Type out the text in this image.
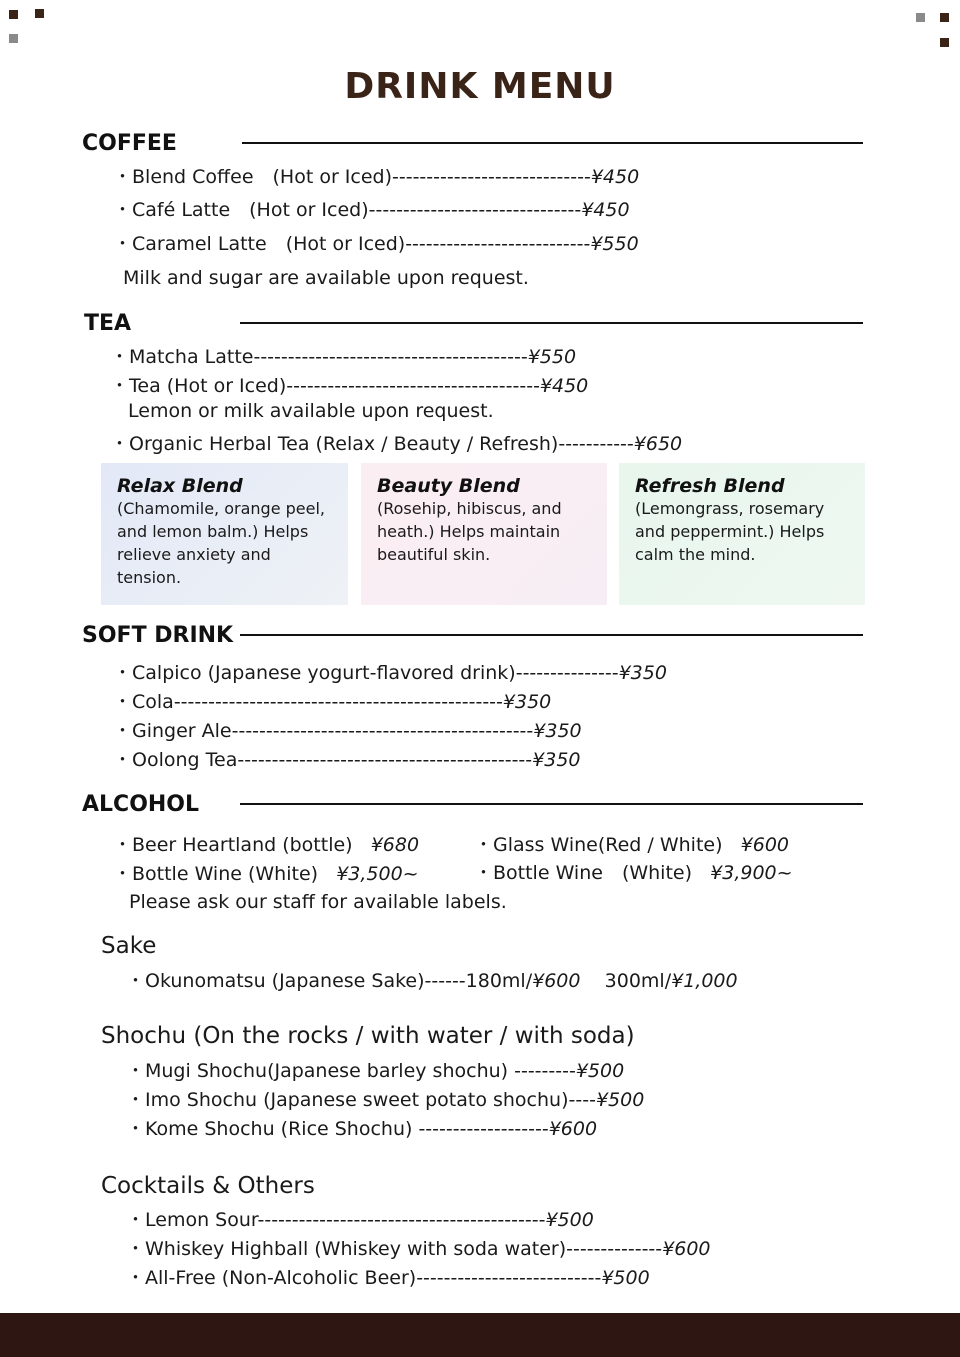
DRINK MENU
COFFEE
・Blend Coffee　(Hot or Iced)-----------------------------¥450
・Café Latte　(Hot or Iced)-------------------------------¥450
・Caramel Latte　(Hot or Iced)---------------------------¥550
Milk and sugar are available upon request.
TEA
・Matcha Latte----------------------------------------¥550
・Tea (Hot or Iced)-------------------------------------¥450
Lemon or milk available upon request.
・Organic Herbal Tea (Relax / Beauty / Refresh)-----------¥650
Relax Blend
(Chamomile, orange peel, and lemon balm.) Helps relieve anxiety and tension.
Beauty Blend
(Rosehip, hibiscus, and heath.) Helps maintain beautiful skin.
Refresh Blend
(Lemongrass, rosemary and peppermint.) Helps calm the mind.
SOFT DRINK
・Calpico (Japanese yogurt-flavored drink)---------------¥350
・Cola------------------------------------------------¥350
・Ginger Ale--------------------------------------------¥350
・Oolong Tea-------------------------------------------¥350
ALCOHOL
・Beer Heartland (bottle) ¥680	・Glass Wine(Red / White) ¥600
・Bottle Wine (White) ¥3,500~	・Bottle Wine　(White) ¥3,900~
Please ask our staff for available labels.
Sake
・Okunomatsu (Japanese Sake)------180ml/¥600 300ml/¥1,000
Shochu (On the rocks / with water / with soda)
・Mugi Shochu(Japanese barley shochu) ---------¥500
・Imo Shochu (Japanese sweet potato shochu)----¥500
・Kome Shochu (Rice Shochu) -------------------¥600
Cocktails & Others
・Lemon Sour------------------------------------------¥500
・Whiskey Highball (Whiskey with soda water)--------------¥600
・All-Free (Non-Alcoholic Beer)---------------------------¥500
